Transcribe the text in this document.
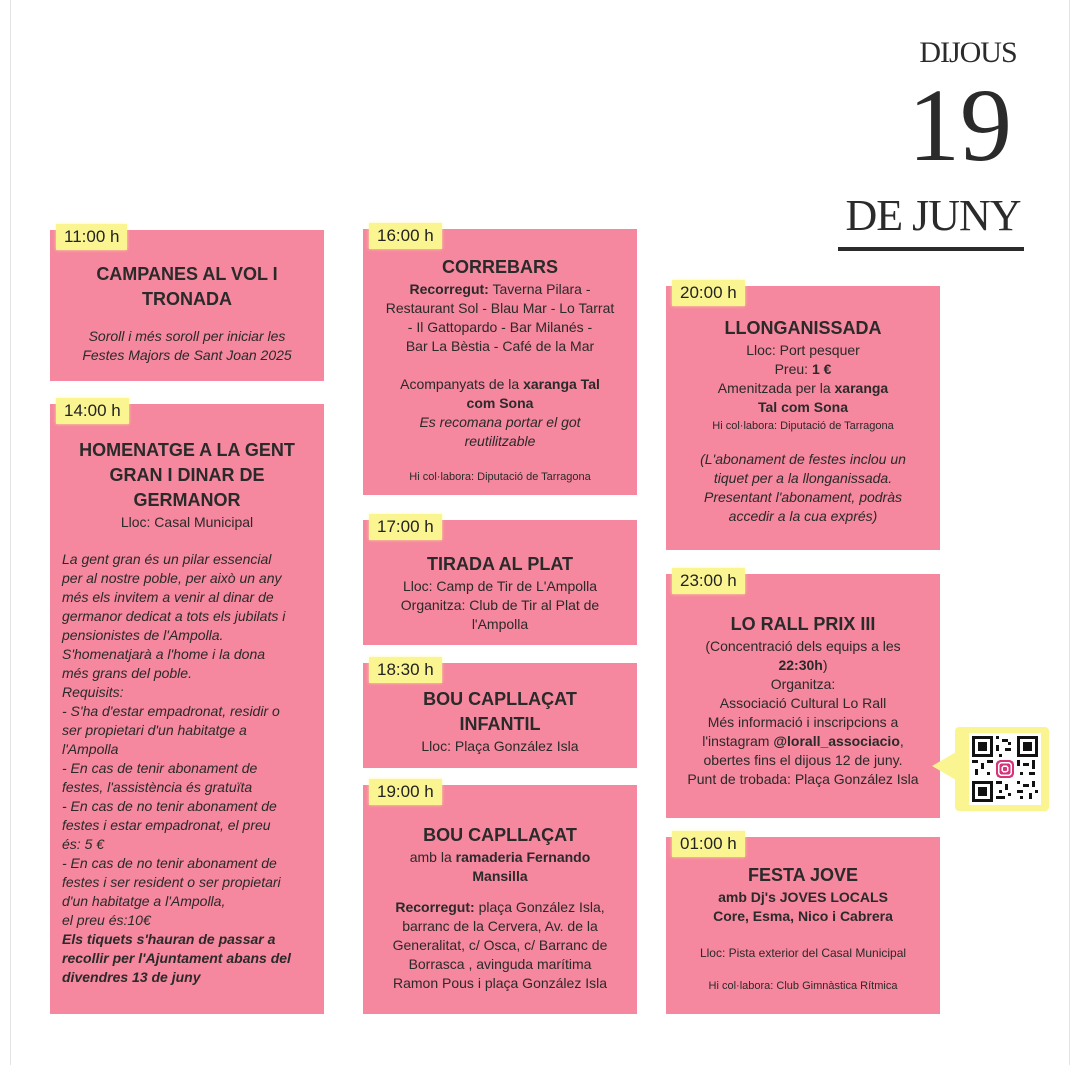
DIJOUS
19
DE JUNY
11:00 h
CAMPANES AL VOL I
TRONADA
Soroll i més soroll per iniciar les
Festes Majors de Sant Joan 2025
14:00 h
HOMENATGE A LA GENT
GRAN I DINAR DE
GERMANOR
Lloc: Casal Municipal
La gent gran és un pilar essencial
per al nostre poble, per això un any
més els invitem a venir al dinar de
germanor dedicat a tots els jubilats i
pensionistes de l'Ampolla.
S'homenatjarà a l'home i la dona
més grans del poble.
Requisits:
- S'ha d'estar empadronat, residir o
ser propietari d'un habitatge a
l'Ampolla
- En cas de tenir abonament de
festes, l'assistència és gratuïta
- En cas de no tenir abonament de
festes i estar empadronat, el preu
és: 5 €
- En cas de no tenir abonament de
festes i ser resident o ser propietari
d'un habitatge a l'Ampolla,
el preu és:10€
Els tiquets s'hauran de passar a
recollir per l'Ajuntament abans del
divendres 13 de juny
16:00 h
CORREBARS
Recorregut: Taverna Pilara -
Restaurant Sol - Blau Mar - Lo Tarrat
- Il Gattopardo - Bar Milanés -
Bar La Bèstia - Café de la Mar
Acompanyats de la xaranga Tal
com Sona
Es recomana portar el got
reutilitzable
Hi col·labora: Diputació de Tarragona
17:00 h
TIRADA AL PLAT
Lloc: Camp de Tir de L'Ampolla
Organitza: Club de Tir al Plat de
l'Ampolla
18:30 h
BOU CAPLLAÇAT
INFANTIL
Lloc: Plaça González Isla
19:00 h
BOU CAPLLAÇAT
amb la ramaderia Fernando
Mansilla
Recorregut: plaça González Isla,
barranc de la Cervera, Av. de la
Generalitat, c/ Osca, c/ Barranc de
Borrasca , avinguda marítima
Ramon Pous i plaça González Isla
20:00 h
LLONGANISSADA
Lloc: Port pesquer
Preu: 1 €
Amenitzada per la xaranga
Tal com Sona
Hi col·labora: Diputació de Tarragona
(L'abonament de festes inclou un
tiquet per a la llonganissada.
Presentant l'abonament, podràs
accedir a la cua exprés)
23:00 h
LO RALL PRIX III
(Concentració dels equips a les
22:30h)
Organitza:
Associació Cultural Lo Rall
Més informació i inscripcions a
l'instagram @lorall_associacio,
obertes fins el dijous 12 de juny.
Punt de trobada: Plaça González Isla
01:00 h
FESTA JOVE
amb Dj's JOVES LOCALS
Core, Esma, Nico i Cabrera
Lloc: Pista exterior del Casal Municipal
Hi col·labora: Club Gimnàstica Rítmica
